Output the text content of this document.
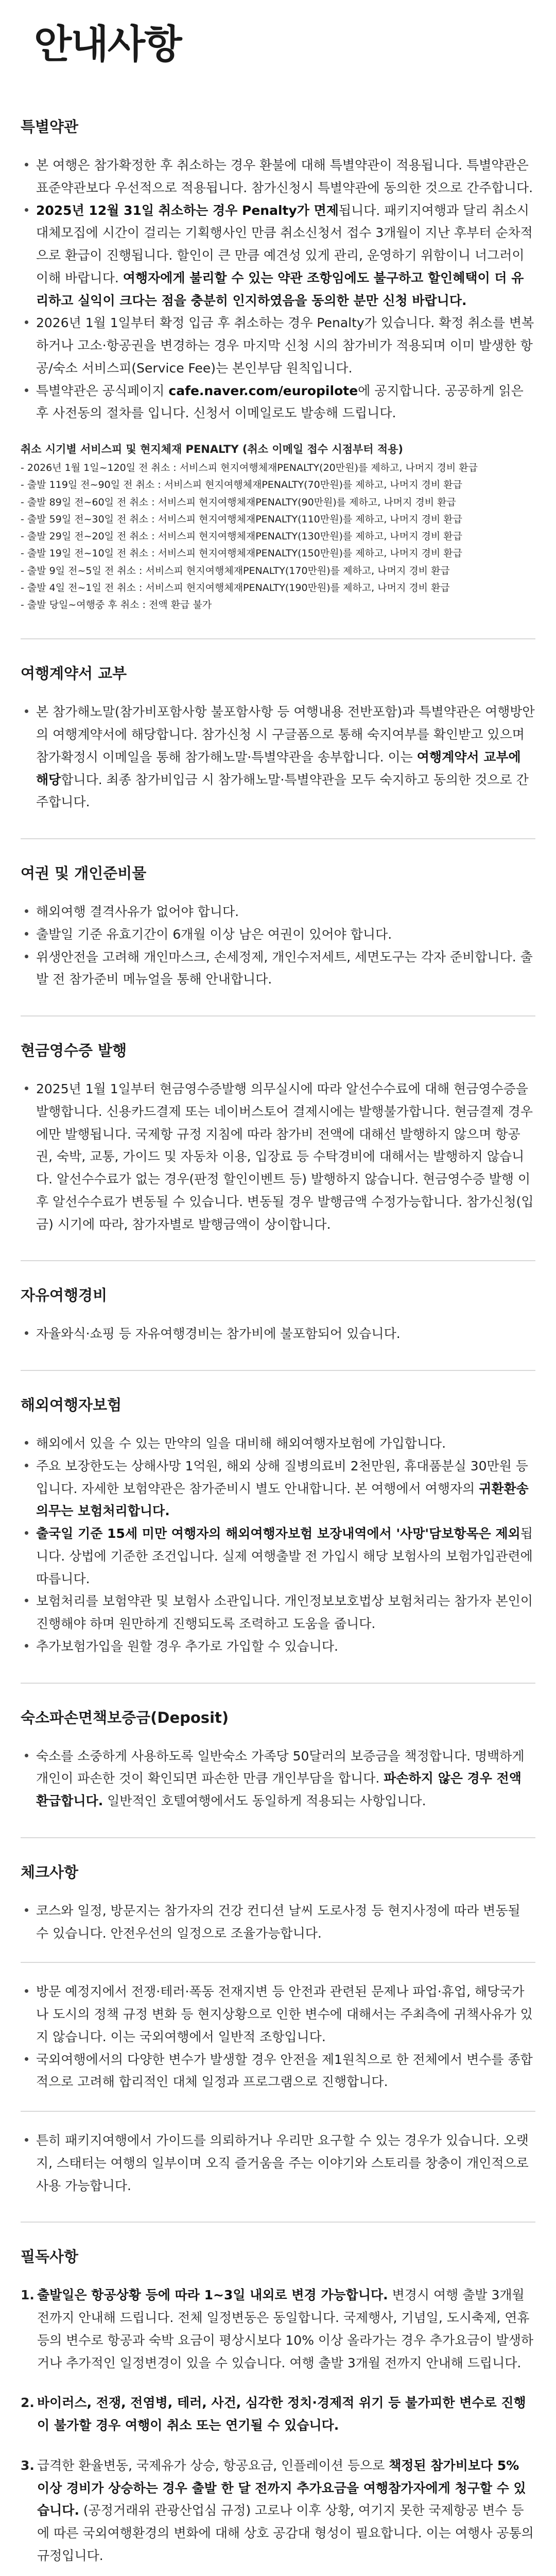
안내사항
특별약관
본 여행은 참가확정한 후 취소하는 경우 환불에 대해 특별약관이 적용됩니다. 특별약관은 표준약관보다 우선적으로 적용됩니다. 참가신청시 특별약관에 동의한 것으로 간주합니다.
2025년 12월 31일 취소하는 경우 Penalty가 면제됩니다. 패키지여행과 달리 취소시 대체모집에 시간이 걸리는 기획행사인 만큼 취소신청서 접수 3개월이 지난 후부터 순차적으로 환급이 진행됩니다. 할인이 큰 만큼 예견성 있게 관리, 운영하기 위함이니 너그러이 이해 바랍니다. 여행자에게 불리할 수 있는 약관 조항임에도 불구하고 할인혜택이 더 유리하고 실익이 크다는 점을 충분히 인지하였음을 동의한 분만 신청 바랍니다.
2026년 1월 1일부터 확정 입금 후 취소하는 경우 Penalty가 있습니다. 확정 취소를 변복하거나 고소·항공권을 변경하는 경우 마지막 신청 시의 참가비가 적용되며 이미 발생한 항공/숙소 서비스피(Service Fee)는 본인부담 원칙입니다.
특별약관은 공식페이지 cafe.naver.com/europilote에 공지합니다. 공공하게 읽은 후 사전동의 절차를 입니다. 신청서 이메일로도 발송해 드립니다.

취소 시기별 서비스피 및 현지체재 PENALTY (취소 이메일 접수 시점부터 적용)

- 2026년 1월 1일~120일 전 취소 : 서비스피 현지여행체재PENALTY(20만원)를 제하고, 나머지 경비 환급
- 출발 119일 전~90일 전 취소 : 서비스피 현지여행체재PENALTY(70만원)를 제하고, 나머지 경비 환급
- 출발 89일 전~60일 전 취소 : 서비스피 현지여행체재PENALTY(90만원)를 제하고, 나머지 경비 환급
- 출발 59일 전~30일 전 취소 : 서비스피 현지여행체재PENALTY(110만원)를 제하고, 나머지 경비 환급
- 출발 29일 전~20일 전 취소 : 서비스피 현지여행체재PENALTY(130만원)를 제하고, 나머지 경비 환급
- 출발 19일 전~10일 전 취소 : 서비스피 현지여행체재PENALTY(150만원)를 제하고, 나머지 경비 환급
- 출발 9일 전~5일 전 취소 : 서비스피 현지여행체재PENALTY(170만원)를 제하고, 나머지 경비 환급
- 출발 4일 전~1일 전 취소 : 서비스피 현지여행체재PENALTY(190만원)를 제하고, 나머지 경비 환급
- 출발 당일~여행중 후 취소 : 전액 환급 불가
여행계약서 교부
본 참가해노말(참가비포함사항 불포함사항 등 여행내용 전반포함)과 특별약관은 여행방안의 여행계약서에 해당합니다. 참가신청 시 구글폼으로 통해 숙지여부를 확인받고 있으며 참가확정시 이메일을 통해 참가해노말·특별약관을 송부합니다. 이는 여행계약서 교부에 해당합니다. 최종 참가비입금 시 참가해노말·특별약관을 모두 숙지하고 동의한 것으로 간주합니다.
여권 및 개인준비물
해외여행 결격사유가 없어야 합니다.
출발일 기준 유효기간이 6개월 이상 남은 여권이 있어야 합니다.
위생안전을 고려해 개인마스크, 손세정제, 개인수저세트, 세면도구는 각자 준비합니다. 출발 전 참가준비 메뉴얼을 통해 안내합니다.
현금영수증 발행
2025년 1월 1일부터 현금영수증발행 의무실시에 따라 알선수수료에 대해 현금영수증을 발행합니다. 신용카드결제 또는 네이버스토어 결제시에는 발행불가합니다. 현금결제 경우에만 발행됩니다. 국제항 규정 지침에 따라 참가비 전액에 대해선 발행하지 않으며 항공권, 숙박, 교통, 가이드 및 자동차 이용, 입장료 등 수탁경비에 대해서는 발행하지 않습니다. 알선수수료가 없는 경우(판정 할인이벤트 등) 발행하지 않습니다. 현금영수증 발행 이후 알선수수료가 변동될 수 있습니다. 변동될 경우 발행금액 수정가능합니다. 참가신청(입금) 시기에 따라, 참가자별로 발행금액이 상이합니다.
자유여행경비
자율와식·쇼핑 등 자유여행경비는 참가비에 불포함되어 있습니다.
해외여행자보험
해외에서 있을 수 있는 만약의 일을 대비해 해외여행자보험에 가입합니다.
주요 보장한도는 상해사망 1억원, 해외 상해 질병의료비 2천만원, 휴대품분실 30만원 등입니다. 자세한 보험약관은 참가준비시 별도 안내합니다. 본 여행에서 여행자의 귀환환송의무는 보험처리합니다.
출국일 기준 15세 미만 여행자의 해외여행자보험 보장내역에서 '사망'담보항목은 제외됩니다. 상법에 기준한 조건입니다. 실제 여행출발 전 가입시 해당 보험사의 보험가입관련에 따릅니다.
보험처리를 보험약관 및 보험사 소관입니다. 개인정보보호법상 보험처리는 참가자 본인이 진행해야 하며 원만하게 진행되도록 조력하고 도움을 줍니다.
추가보험가입을 원할 경우 추가로 가입할 수 있습니다.
숙소파손면책보증금(Deposit)
숙소를 소중하게 사용하도록 일반숙소 가족당 50달러의 보증금을 책정합니다. 명백하게 개인이 파손한 것이 확인되면 파손한 만큼 개인부담을 합니다. 파손하지 않은 경우 전액 환급합니다. 일반적인 호텔여행에서도 동일하게 적용되는 사항입니다.
체크사항
코스와 일정, 방문지는 참가자의 건강 컨디션 날씨 도로사정 등 현지사정에 따라 변동될 수 있습니다. 안전우선의 일정으로 조율가능합니다.
방문 예정지에서 전쟁·테러·폭동 전재지변 등 안전과 관련된 문제나 파업·휴업, 해당국가나 도시의 정책 규정 변화 등 현지상황으로 인한 변수에 대해서는 주최측에 귀책사유가 있지 않습니다. 이는 국외여행에서 일반적 조항입니다.
국외여행에서의 다양한 변수가 발생할 경우 안전을 제1원칙으로 한 전체에서 변수를 종합적으로 고려해 합리적인 대체 일정과 프로그램으로 진행합니다.
튼히 패키지여행에서 가이드를 의뢰하거나 우리만 요구할 수 있는 경우가 있습니다. 오랫지, 스태터는 여행의 일부이며 오직 즐거움을 주는 이야기와 스토리를 창충이 개인적으로 사용 가능합니다.
필독사항
1. 출발일은 항공상황 등에 따라 1~3일 내외로 변경 가능합니다. 변경시 여행 출발 3개월 전까지 안내해 드립니다. 전체 일정변동은 동일합니다. 국제행사, 기념일, 도시축제, 연휴 등의 변수로 항공과 숙박 요금이 평상시보다 10% 이상 올라가는 경우 추가요금이 발생하거나 추가적인 일정변경이 있을 수 있습니다. 여행 출발 3개월 전까지 안내해 드립니다.
2. 바이러스, 전쟁, 전염병, 테러, 사건, 심각한 정치·경제적 위기 등 불가피한 변수로 진행이 불가할 경우 여행이 취소 또는 연기될 수 있습니다.
3. 급격한 환율변동, 국제유가 상승, 항공요금, 인플레이션 등으로 책정된 참가비보다 5% 이상 경비가 상승하는 경우 출발 한 달 전까지 추가요금을 여행참가자에게 청구할 수 있습니다. (공정거래위 관광산업심 규정) 고로나 이후 상황, 여기지 못한 국제항공 변수 등에 따른 국외여행환경의 변화에 대해 상호 공감대 형성이 필요합니다. 이는 여행사 공통의 규정입니다.
